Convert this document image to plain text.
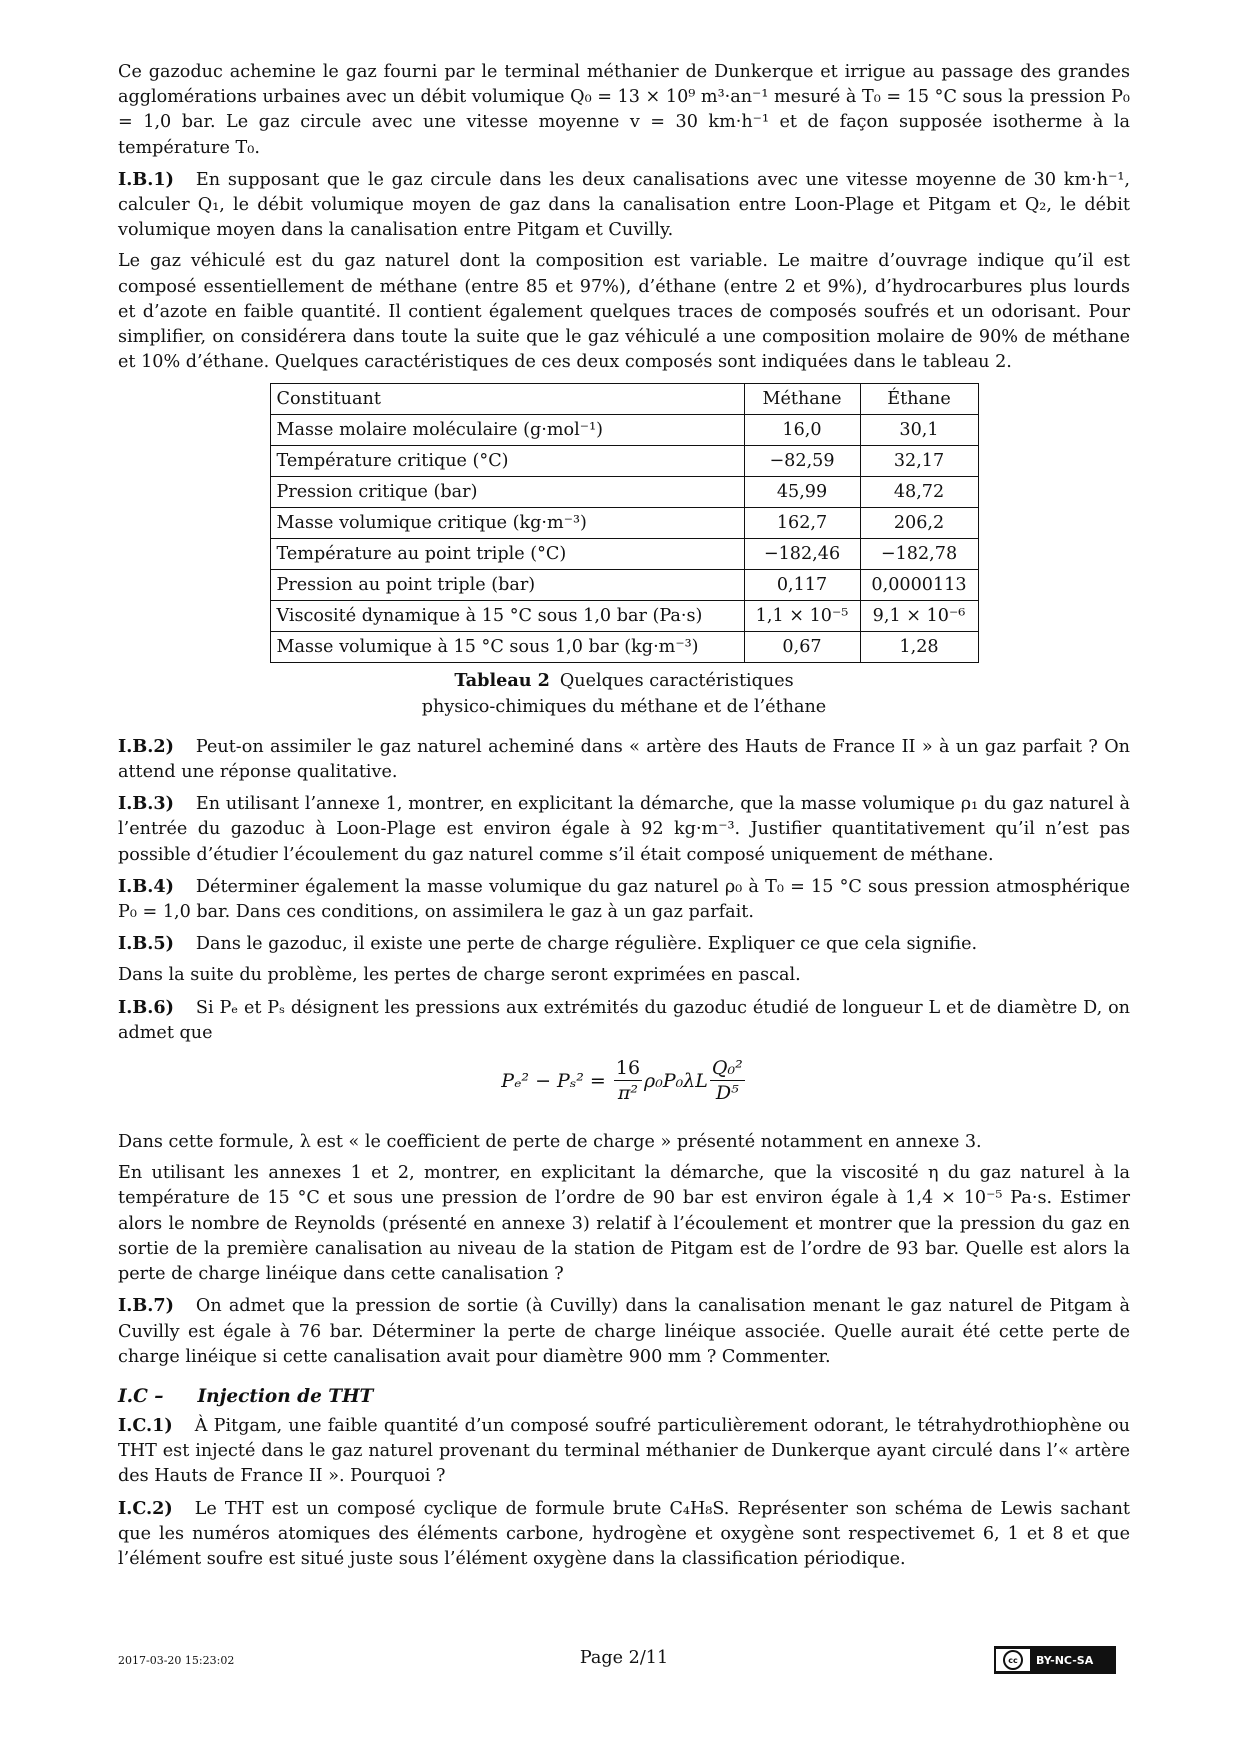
Ce gazoduc achemine le gaz fourni par le terminal méthanier de Dunkerque et irrigue au passage des grandes agglomérations urbaines avec un débit volumique Q₀ = 13 × 10⁹ m³·an⁻¹ mesuré à T₀ = 15 °C sous la pression P₀ = 1,0 bar. Le gaz circule avec une vitesse moyenne v = 30 km·h⁻¹ et de façon supposée isotherme à la température T₀.

I.B.1) En supposant que le gaz circule dans les deux canalisations avec une vitesse moyenne de 30 km·h⁻¹, calculer Q₁, le débit volumique moyen de gaz dans la canalisation entre Loon-Plage et Pitgam et Q₂, le débit volumique moyen dans la canalisation entre Pitgam et Cuvilly.

Le gaz véhiculé est du gaz naturel dont la composition est variable. Le maitre d’ouvrage indique qu’il est composé essentiellement de méthane (entre 85 et 97%), d’éthane (entre 2 et 9%), d’hydrocarbures plus lourds et d’azote en faible quantité. Il contient également quelques traces de composés soufrés et un odorisant. Pour simplifier, on considérera dans toute la suite que le gaz véhiculé a une composition molaire de 90% de méthane et 10% d’éthane. Quelques caractéristiques de ces deux composés sont indiquées dans le tableau 2.

Constituant	Méthane	Éthane
Masse molaire moléculaire (g·mol⁻¹)	16,0	30,1
Température critique (°C)	−82,59	32,17
Pression critique (bar)	45,99	48,72
Masse volumique critique (kg·m⁻³)	162,7	206,2
Température au point triple (°C)	−182,46	−182,78
Pression au point triple (bar)	0,117	0,0000113
Viscosité dynamique à 15 °C sous 1,0 bar (Pa·s)	1,1 × 10⁻⁵	9,1 × 10⁻⁶
Masse volumique à 15 °C sous 1,0 bar (kg·m⁻³)	0,67	1,28
Tableau 2 Quelques caractéristiques
physico-chimiques du méthane et de l’éthane

I.B.2) Peut-on assimiler le gaz naturel acheminé dans « artère des Hauts de France II » à un gaz parfait ? On attend une réponse qualitative.

I.B.3) En utilisant l’annexe 1, montrer, en explicitant la démarche, que la masse volumique ρ₁ du gaz naturel à l’entrée du gazoduc à Loon-Plage est environ égale à 92 kg·m⁻³. Justifier quantitativement qu’il n’est pas possible d’étudier l’écoulement du gaz naturel comme s’il était composé uniquement de méthane.

I.B.4) Déterminer également la masse volumique du gaz naturel ρ₀ à T₀ = 15 °C sous pression atmosphérique P₀ = 1,0 bar. Dans ces conditions, on assimilera le gaz à un gaz parfait.

I.B.5) Dans le gazoduc, il existe une perte de charge régulière. Expliquer ce que cela signifie.

Dans la suite du problème, les pertes de charge seront exprimées en pascal.

I.B.6) Si Pₑ et Pₛ désignent les pressions aux extrémités du gazoduc étudié de longueur L et de diamètre D, on admet que

$P_e^2 - P_s^2 = \frac{16}{\text{π²}} \rho_0P_0\lambda L \frac{\text{Q₀²}}{\text{D⁵}}$

Dans cette formule, λ est « le coefficient de perte de charge » présenté notamment en annexe 3.

En utilisant les annexes 1 et 2, montrer, en explicitant la démarche, que la viscosité η du gaz naturel à la température de 15 °C et sous une pression de l’ordre de 90 bar est environ égale à 1,4 × 10⁻⁵ Pa·s. Estimer alors le nombre de Reynolds (présenté en annexe 3) relatif à l’écoulement et montrer que la pression du gaz en sortie de la première canalisation au niveau de la station de Pitgam est de l’ordre de 93 bar. Quelle est alors la perte de charge linéique dans cette canalisation ?

I.B.7) On admet que la pression de sortie (à Cuvilly) dans la canalisation menant le gaz naturel de Pitgam à Cuvilly est égale à 76 bar. Déterminer la perte de charge linéique associée. Quelle aurait été cette perte de charge linéique si cette canalisation avait pour diamètre 900 mm ? Commenter.

I.C – Injection de THT

I.C.1) À Pitgam, une faible quantité d’un composé soufré particulièrement odorant, le tétrahydrothiophène ou THT est injecté dans le gaz naturel provenant du terminal méthanier de Dunkerque ayant circulé dans l’« artère des Hauts de France II ». Pourquoi ?

I.C.2) Le THT est un composé cyclique de formule brute C₄H₈S. Représenter son schéma de Lewis sachant que les numéros atomiques des éléments carbone, hydrogène et oxygène sont respectivemet 6, 1 et 8 et que l’élément soufre est situé juste sous l’élément oxygène dans la classification périodique.

2017-03-20 15:23:02	Page 2/11	cc	BY-NC-SA
